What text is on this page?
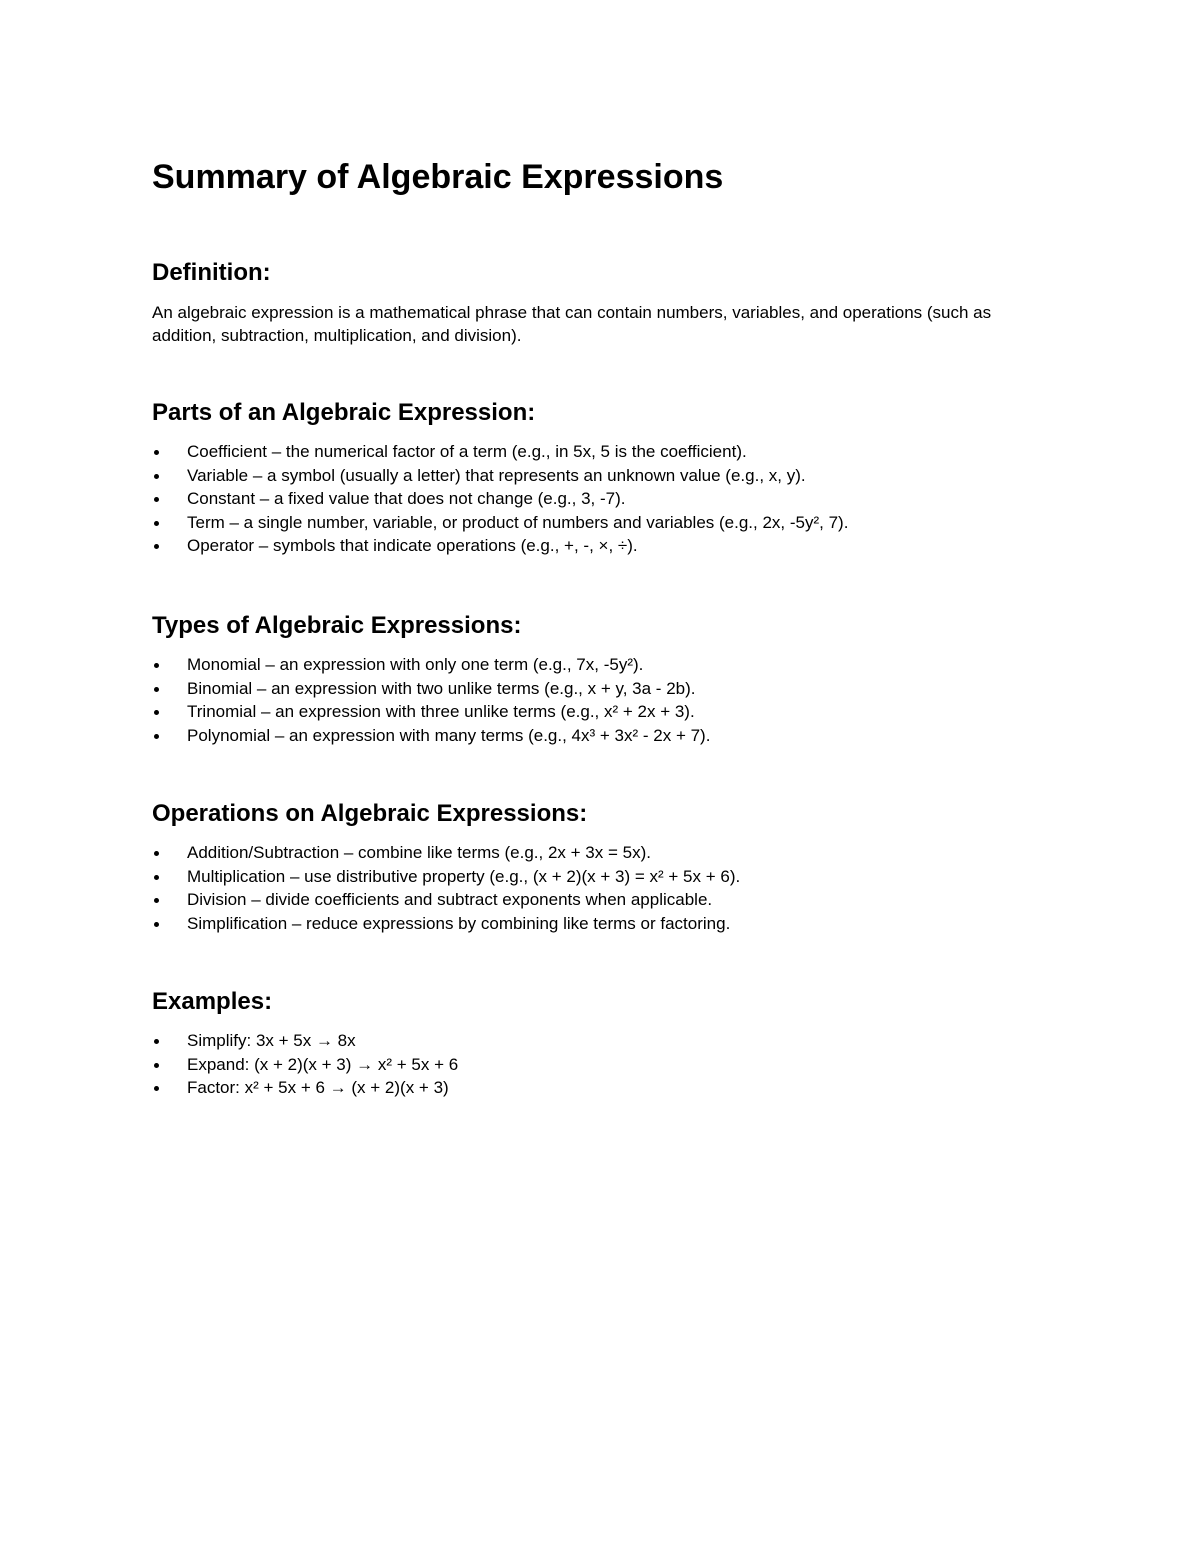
Summary of Algebraic Expressions
Definition:

An algebraic expression is a mathematical phrase that can contain numbers, variables, and operations (such as addition, subtraction, multiplication, and division).

Parts of an Algebraic Expression:
Coefficient – the numerical factor of a term (e.g., in 5x, 5 is the coefficient).
Variable – a symbol (usually a letter) that represents an unknown value (e.g., x, y).
Constant – a fixed value that does not change (e.g., 3, -7).
Term – a single number, variable, or product of numbers and variables (e.g., 2x, -5y², 7).
Operator – symbols that indicate operations (e.g., +, -, ×, ÷).
Types of Algebraic Expressions:
Monomial – an expression with only one term (e.g., 7x, -5y²).
Binomial – an expression with two unlike terms (e.g., x + y, 3a - 2b).
Trinomial – an expression with three unlike terms (e.g., x² + 2x + 3).
Polynomial – an expression with many terms (e.g., 4x³ + 3x² - 2x + 7).
Operations on Algebraic Expressions:
Addition/Subtraction – combine like terms (e.g., 2x + 3x = 5x).
Multiplication – use distributive property (e.g., (x + 2)(x + 3) = x² + 5x + 6).
Division – divide coefficients and subtract exponents when applicable.
Simplification – reduce expressions by combining like terms or factoring.
Examples:
Simplify: 3x + 5x → 8x
Expand: (x + 2)(x + 3) → x² + 5x + 6
Factor: x² + 5x + 6 → (x + 2)(x + 3)
